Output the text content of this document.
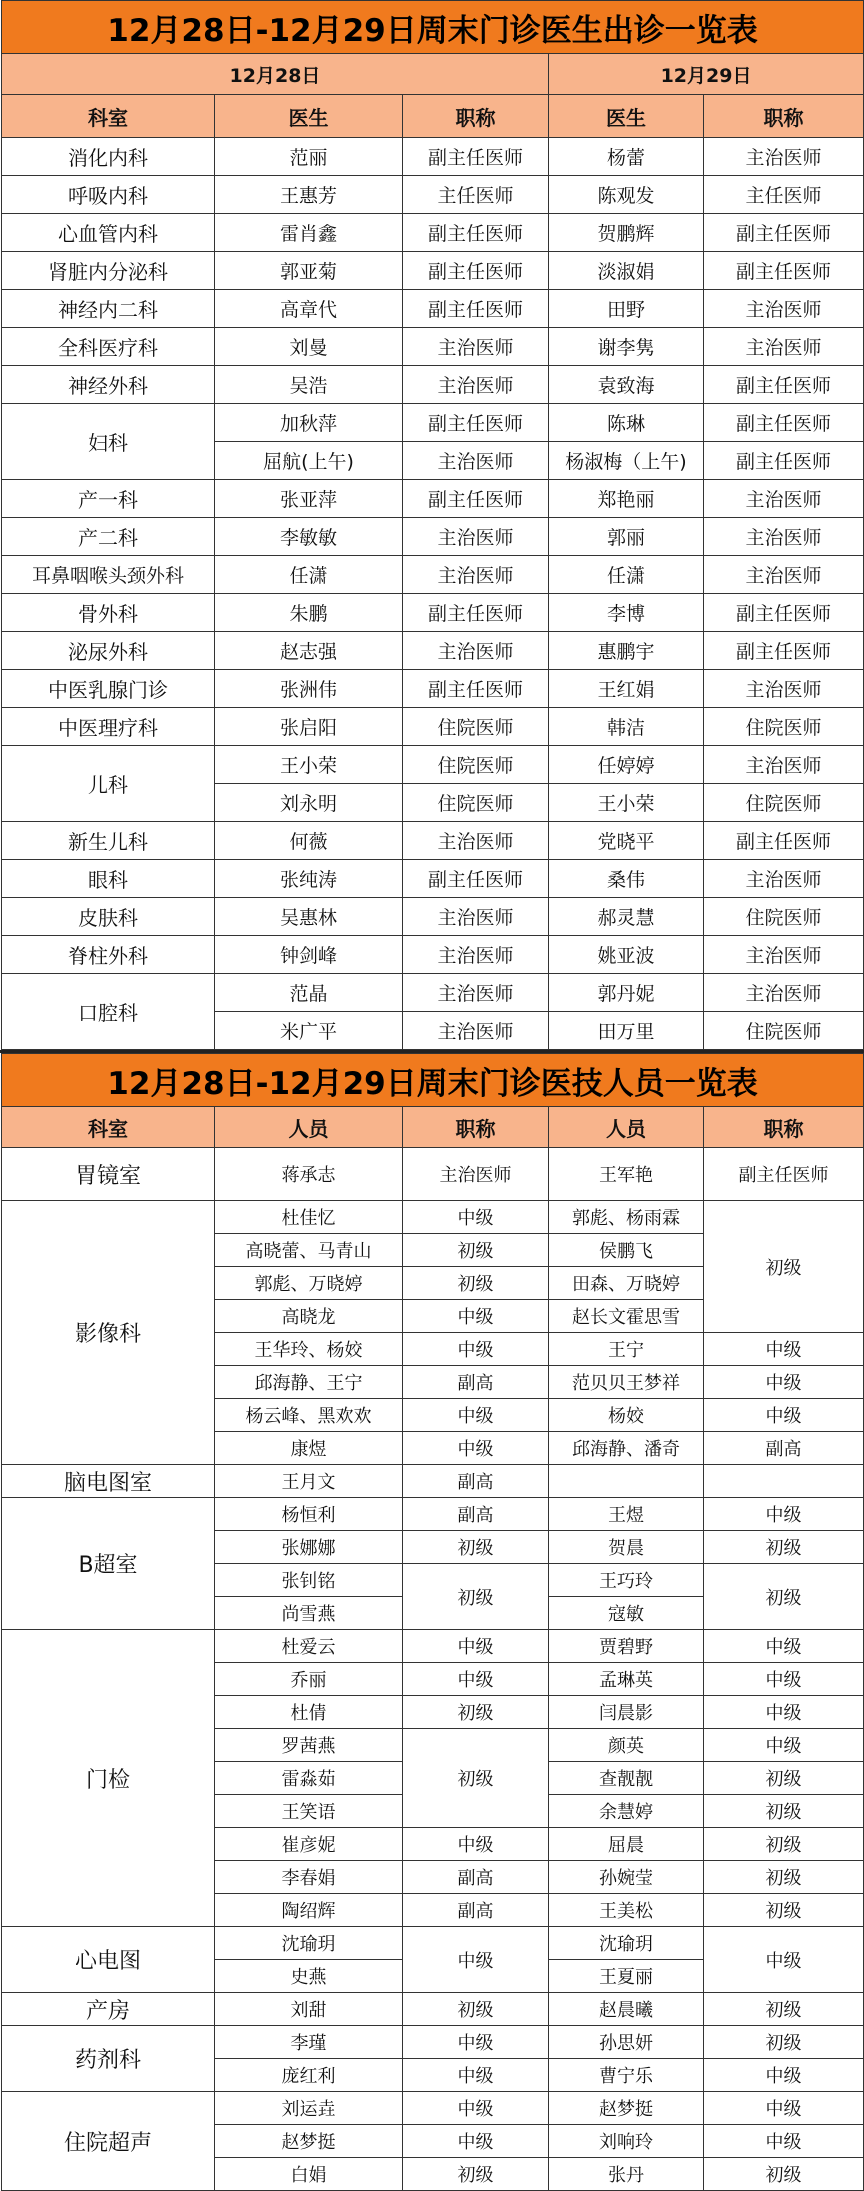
12月28日-12月29日周末门诊医生出诊一览表				
12月28日			12月29日	
科室	医生	职称	医生	职称
消化内科	范丽	副主任医师	杨蕾	主治医师
呼吸内科	王惠芳	主任医师	陈观发	主任医师
心血管内科	雷肖鑫	副主任医师	贺鹏辉	副主任医师
肾脏内分泌科	郭亚菊	副主任医师	淡淑娟	副主任医师
神经内二科	高章代	副主任医师	田野	主治医师
全科医疗科	刘曼	主治医师	谢李隽	主治医师
神经外科	吴浩	主治医师	袁致海	副主任医师
妇科	加秋萍	副主任医师	陈琳	副主任医师
	屈航(上午)	主治医师	杨淑梅（上午)	副主任医师
产一科	张亚萍	副主任医师	郑艳丽	主治医师
产二科	李敏敏	主治医师	郭丽	主治医师
耳鼻咽喉头颈外科	任潇	主治医师	任潇	主治医师
骨外科	朱鹏	副主任医师	李博	副主任医师
泌尿外科	赵志强	主治医师	惠鹏宇	副主任医师
中医乳腺门诊	张洲伟	副主任医师	王红娟	主治医师
中医理疗科	张启阳	住院医师	韩洁	住院医师
儿科	王小荣	住院医师	任婷婷	主治医师
	刘永明	住院医师	王小荣	住院医师
新生儿科	何薇	主治医师	党晓平	副主任医师
眼科	张纯涛	副主任医师	桑伟	主治医师
皮肤科	吴惠林	主治医师	郝灵慧	住院医师
脊柱外科	钟剑峰	主治医师	姚亚波	主治医师
口腔科	范晶	主治医师	郭丹妮	主治医师
	米广平	主治医师	田万里	住院医师
12月28日-12月29日周末门诊医技人员一览表				
科室	人员	职称	人员	职称
胃镜室	蒋承志	主治医师	王军艳	副主任医师
影像科	杜佳忆	中级	郭彪、杨雨霖	初级
	高晓蕾、马青山	初级	侯鹏飞	
	郭彪、万晓婷	初级	田森、万晓婷	
	高晓龙	中级	赵长文霍思雪	
	王华玲、杨姣	中级	王宁	中级
	邱海静、王宁	副高	范贝贝王梦祥	中级
	杨云峰、黑欢欢	中级	杨姣	中级
	康煜	中级	邱海静、潘奇	副高
脑电图室	王月文	副高		
B超室	杨恒利	副高	王煜	中级
	张娜娜	初级	贺晨	初级
	张钊铭	初级	王巧玲	初级
	尚雪燕		寇敏	
门检	杜爱云	中级	贾碧野	中级
	乔丽	中级	孟琳英	中级
	杜倩	初级	闫晨影	中级
	罗茜燕	初级	颜英	中级
	雷淼茹		查靓靓	初级
	王笑语		余慧婷	初级
	崔彦妮	中级	屈晨	初级
	李春娟	副高	孙婉莹	初级
	陶绍辉	副高	王美松	初级
心电图	沈瑜玥	中级	沈瑜玥	中级
	史燕		王夏丽	
产房	刘甜	初级	赵晨曦	初级
药剂科	李瑾	中级	孙思妍	初级
	庞红利	中级	曹宁乐	中级
住院超声	刘运垚	中级	赵梦挺	中级
	赵梦挺	中级	刘响玲	中级
	白娟	初级	张丹	初级
